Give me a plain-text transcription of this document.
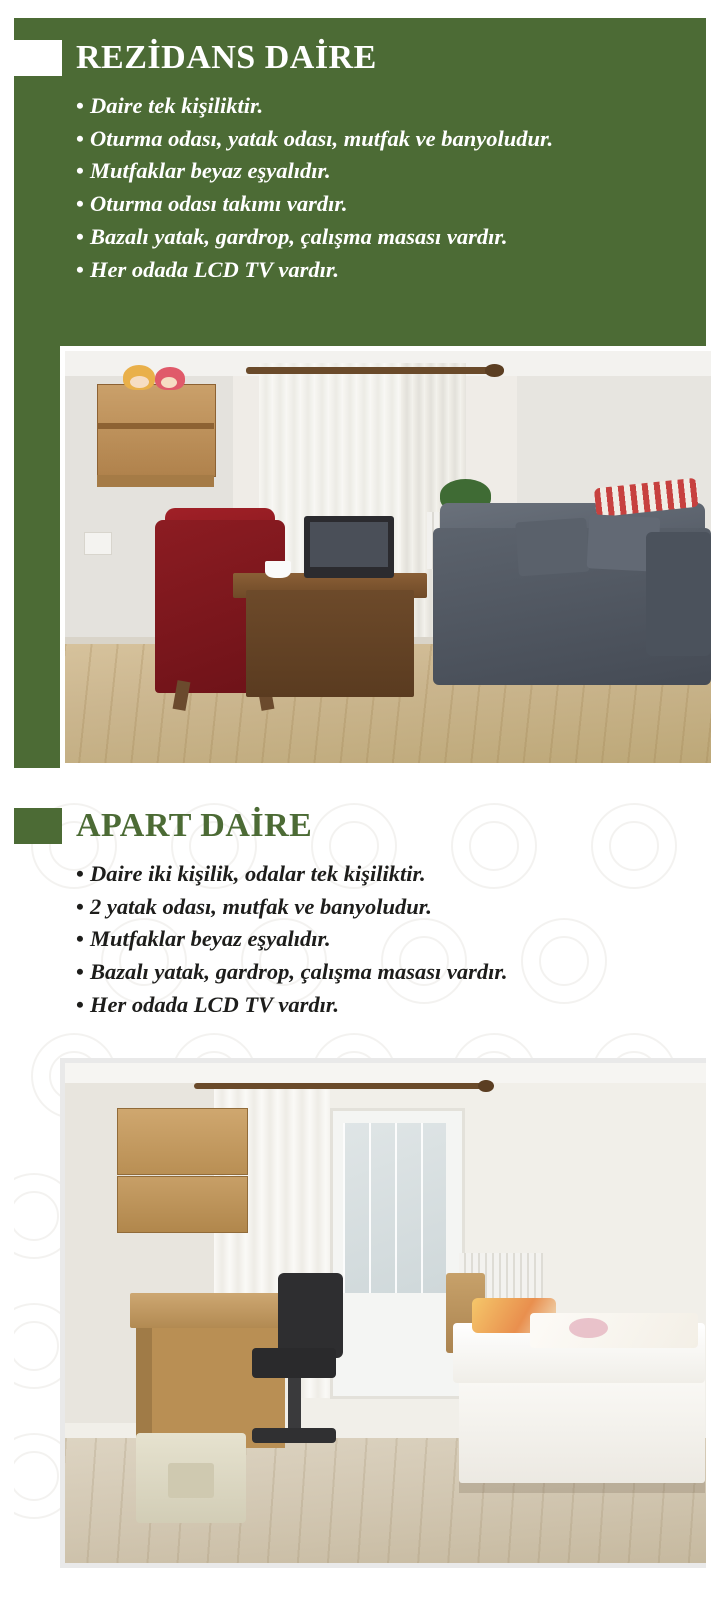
REZİDANS DAİRE
• Daire tek kişiliktir.
• Oturma odası, yatak odası, mutfak ve banyoludur.
• Mutfaklar beyaz eşyalıdır.
• Oturma odası takımı vardır.
• Bazalı yatak, gardrop, çalışma masası vardır.
• Her odada LCD TV vardır.
APART DAİRE
• Daire iki kişilik, odalar tek kişiliktir.
• 2 yatak odası, mutfak ve banyoludur.
• Mutfaklar beyaz eşyalıdır.
• Bazalı yatak, gardrop, çalışma masası vardır.
• Her odada LCD TV vardır.
